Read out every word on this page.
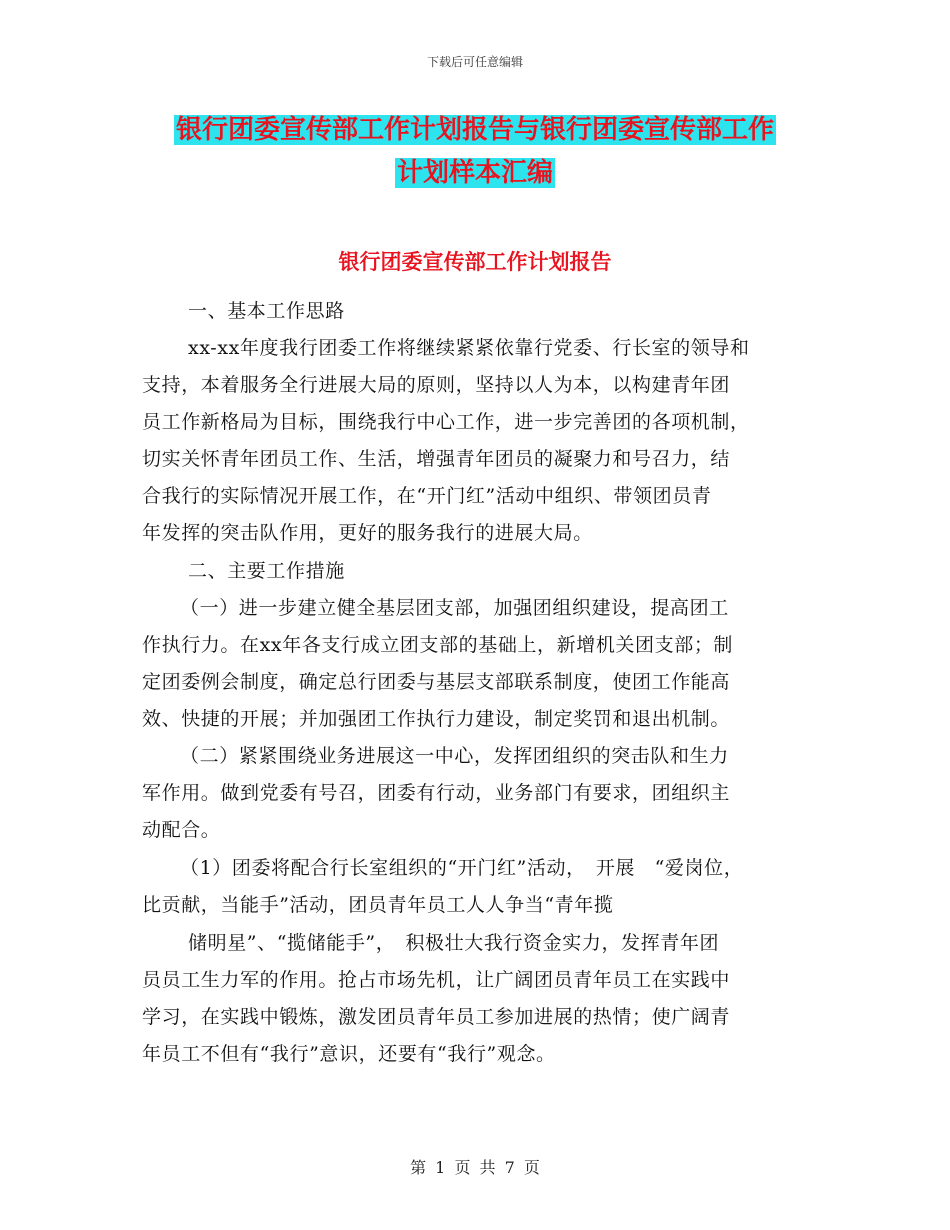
下载后可任意编辑
银行团委宣传部工作计划报告与银行团委宣传部工作
计划样本汇编
银行团委宣传部工作计划报告
一、基本工作思路
xx-xx年度我行团委工作将继续紧紧依靠行党委、行长室的领导和
支持，本着服务全行进展大局的原则，坚持以人为本，以构建青年团
员工作新格局为目标，围绕我行中心工作，进一步完善团的各项机制，
切实关怀青年团员工作、生活，增强青年团员的凝聚力和号召力，结
合我行的实际情况开展工作，在“开门红”活动中组织、带领团员青
年发挥的突击队作用，更好的服务我行的进展大局。
二、主要工作措施
（一）进一步建立健全基层团支部，加强团组织建设，提高团工
作执行力。在xx年各支行成立团支部的基础上，新增机关团支部；制
定团委例会制度，确定总行团委与基层支部联系制度，使团工作能高
效、快捷的开展；并加强团工作执行力建设，制定奖罚和退出机制。
（二）紧紧围绕业务进展这一中心，发挥团组织的突击队和生力
军作用。做到党委有号召，团委有行动，业务部门有要求，团组织主
动配合。
（1）团委将配合行长室组织的“开门红”活动，　开展　“爱岗位，
比贡献，当能手”活动，团员青年员工人人争当“青年揽
储明星”、“揽储能手”，　积极壮大我行资金实力，发挥青年团
员员工生力军的作用。抢占市场先机，让广阔团员青年员工在实践中
学习，在实践中锻炼，激发团员青年员工参加进展的热情；使广阔青
年员工不但有“我行”意识，还要有“我行”观念。
第 1 页 共 7 页
